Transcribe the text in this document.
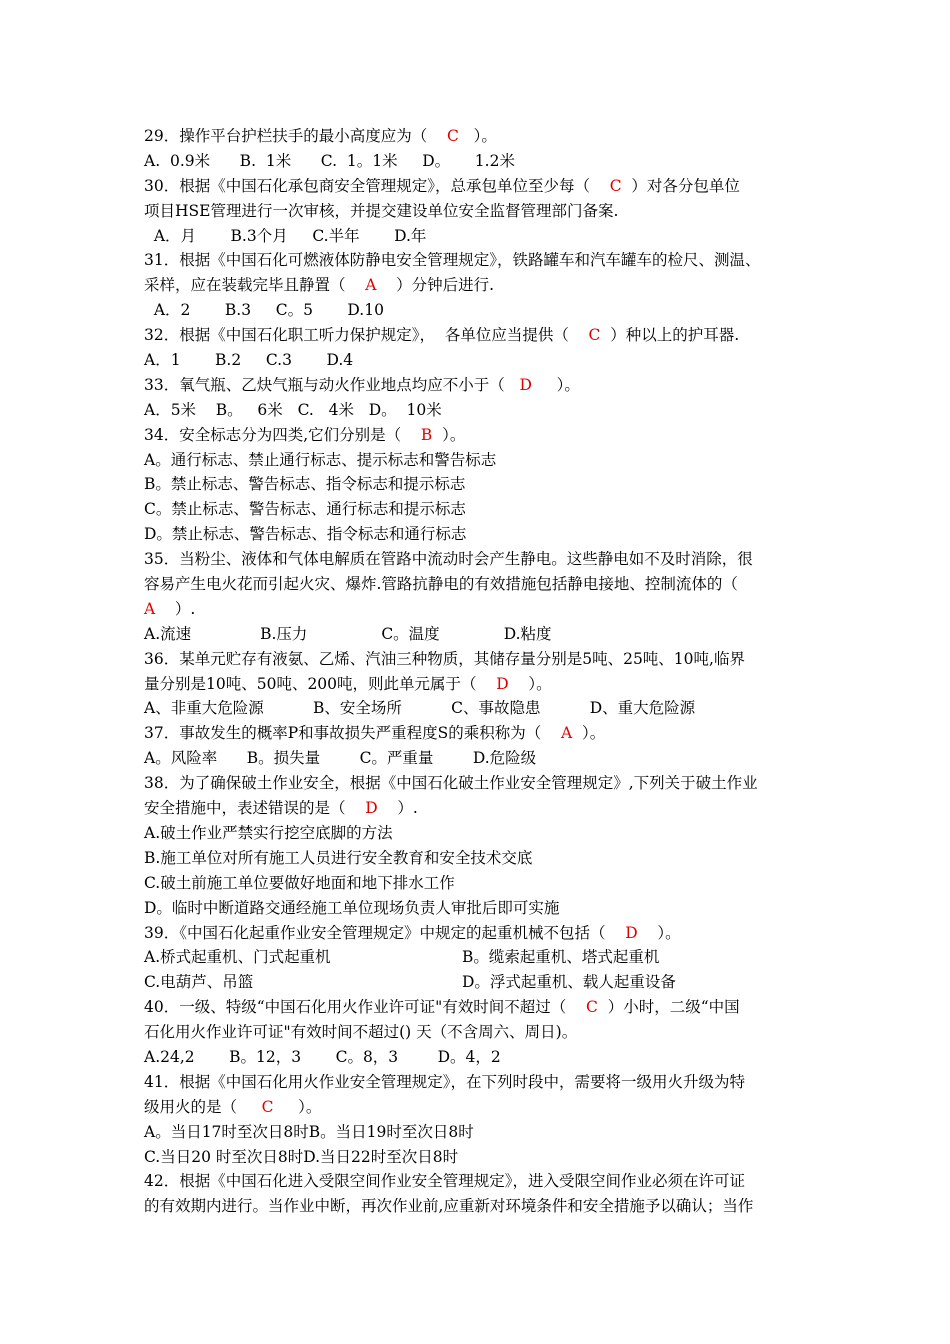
29．操作平台护栏扶手的最小高度应为（    C   ）。
A.  0.9米      B.  1米      C.  1。1米     D。     1.2米
30．根据《中国石化承包商安全管理规定》，总承包单位至少每（    C  ）对各分包单位
项目HSE管理进行一次审核，并提交建设单位安全监督管理部门备案.
A．月       B.3个月     C.半年       D.年
31．根据《中国石化可燃液体防静电安全管理规定》，铁路罐车和汽车罐车的检尺、测温、
采样，应在装载完毕且静置（    A    ）分钟后进行.
A．2       B.3     C。5       D.10
32．根据《中国石化职工听力保护规定》，  各单位应当提供（    C  ）种以上的护耳器.
A．1       B.2     C.3       D.4
33．氧气瓶、乙炔气瓶与动火作业地点均应不小于（   D     ）。
A．5米    B。   6米   C.   4米   D。  10米
34．安全标志分为四类,它们分别是（    B  ）。
A。通行标志、禁止通行标志、提示标志和警告标志
B。禁止标志、警告标志、指令标志和提示标志
C。禁止标志、警告标志、通行标志和提示标志
D。禁止标志、警告标志、指令标志和通行标志
35．当粉尘、液体和气体电解质在管路中流动时会产生静电。这些静电如不及时消除，很
容易产生电火花而引起火灾、爆炸.管路抗静电的有效措施包括静电接地、控制流体的（
A    ）.
A.流速              B.压力               C。温度             D.粘度
36．某单元贮存有液氨、乙烯、汽油三种物质，其储存量分别是5吨、25吨、10吨,临界
量分别是10吨、50吨、200吨，则此单元属于（    D    ）。
A、非重大危险源          B、安全场所          C、事故隐患          D、重大危险源
37．事故发生的概率P和事故损失严重程度S的乘积称为（    A  ）。
A。风险率      B。损失量        C。严重量        D.危险级
38．为了确保破土作业安全，根据《中国石化破土作业安全管理规定》,下列关于破土作业
安全措施中，表述错误的是（    D    ）.
A.破土作业严禁实行挖空底脚的方法
B.施工单位对所有施工人员进行安全教育和安全技术交底
C.破土前施工单位要做好地面和地下排水工作
D。临时中断道路交通经施工单位现场负责人审批后即可实施
39．《中国石化起重作业安全管理规定》中规定的起重机械不包括（    D    ）。
A.桥式起重机、门式起重机	B。缆索起重机、塔式起重机
C.电葫芦、吊篮	D。浮式起重机、载人起重设备
40．一级、特级“中国石化用火作业许可证"有效时间不超过（    C  ）小时，二级“中国
石化用火作业许可证"有效时间不超过() 天（不含周六、周日)。
A.24,2       B。12，3       C。8，3        D。4，2
41．根据《中国石化用火作业安全管理规定》，在下列时段中，需要将一级用火升级为特
级用火的是（     C     ）。
A。当日17时至次日8时B。当日19时至次日8时
C.当日20 时至次日8时D.当日22时至次日8时
42．根据《中国石化进入受限空间作业安全管理规定》，进入受限空间作业必须在许可证
的有效期内进行。当作业中断，再次作业前,应重新对环境条件和安全措施予以确认；当作
